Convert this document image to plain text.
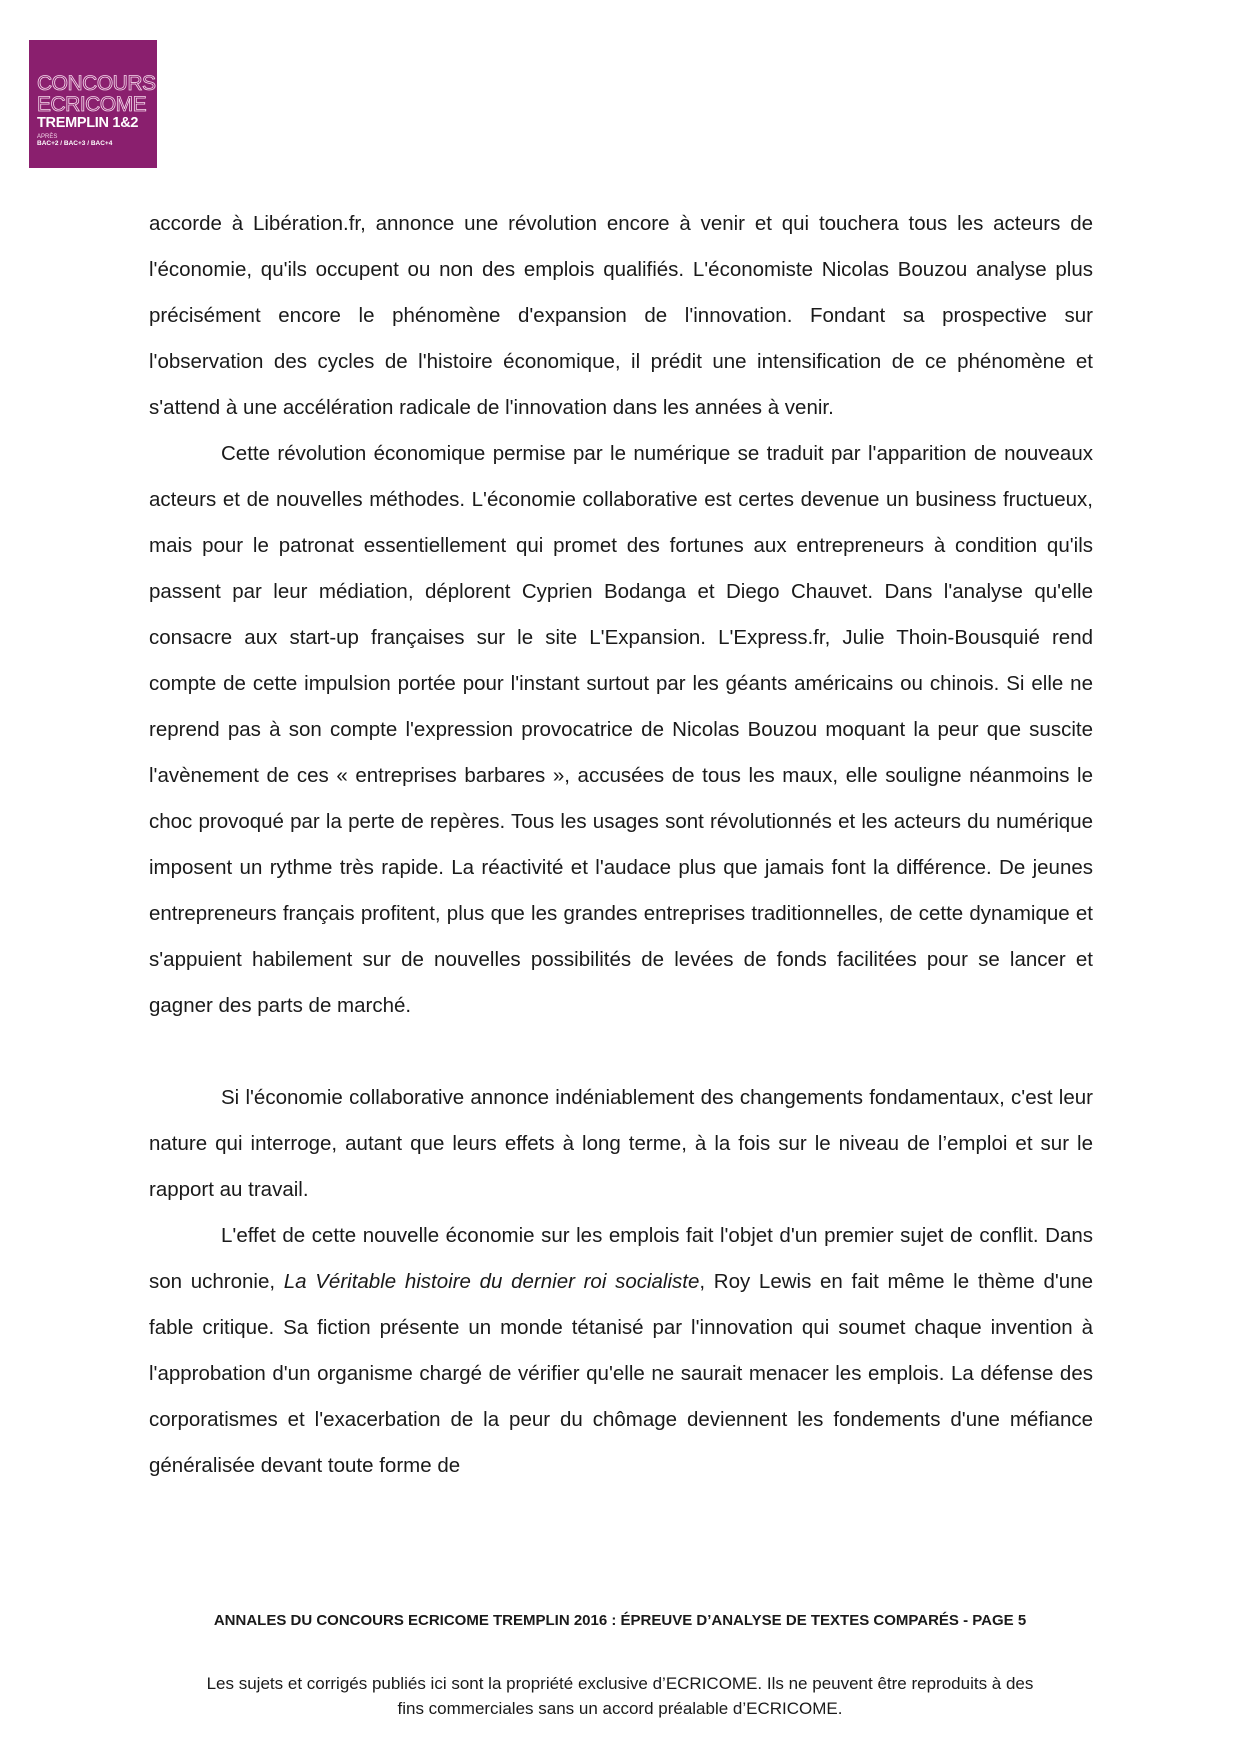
CONCOURS
ECRICOME
TREMPLIN 1&2
APRÈS
BAC+2 / BAC+3 / BAC+4

accorde à Libération.fr, annonce une révolution encore à venir et qui touchera tous les acteurs de l'économie, qu'ils occupent ou non des emplois qualifiés. L'économiste Nicolas Bouzou analyse plus précisément encore le phénomène d'expansion de l'innovation. Fondant sa prospective sur l'observation des cycles de l'histoire économique, il prédit une intensification de ce phénomène et s'attend à une accélération radicale de l'innovation dans les années à venir.

Cette révolution économique permise par le numérique se traduit par l'apparition de nouveaux acteurs et de nouvelles méthodes. L'économie collaborative est certes devenue un business fructueux, mais pour le patronat essentiellement qui promet des fortunes aux entrepreneurs à condition qu'ils passent par leur médiation, déplorent Cyprien Bodanga et Diego Chauvet. Dans l'analyse qu'elle consacre aux start-up françaises sur le site L'Expansion. L'Express.fr, Julie Thoin-Bousquié rend compte de cette impulsion portée pour l'instant surtout par les géants américains ou chinois. Si elle ne reprend pas à son compte l'expression provocatrice de Nicolas Bouzou moquant la peur que suscite l'avènement de ces « entreprises barbares », accusées de tous les maux, elle souligne néanmoins le choc provoqué par la perte de repères. Tous les usages sont révolutionnés et les acteurs du numérique imposent un rythme très rapide. La réactivité et l'audace plus que jamais font la différence. De jeunes entrepreneurs français profitent, plus que les grandes entreprises traditionnelles, de cette dynamique et s'appuient habilement sur de nouvelles possibilités de levées de fonds facilitées pour se lancer et gagner des parts de marché.

Si l'économie collaborative annonce indéniablement des changements fondamentaux, c'est leur nature qui interroge, autant que leurs effets à long terme, à la fois sur le niveau de l’emploi et sur le rapport au travail.

L'effet de cette nouvelle économie sur les emplois fait l'objet d'un premier sujet de conflit. Dans son uchronie, La Véritable histoire du dernier roi socialiste, Roy Lewis en fait même le thème d'une fable critique. Sa fiction présente un monde tétanisé par l'innovation qui soumet chaque invention à l'approbation d'un organisme chargé de vérifier qu'elle ne saurait menacer les emplois. La défense des corporatismes et l'exacerbation de la peur du chômage deviennent les fondements d'une méfiance généralisée devant toute forme de

ANNALES DU CONCOURS ECRICOME TREMPLIN 2016 : ÉPREUVE D’ANALYSE DE TEXTES COMPARÉS - PAGE 5
Les sujets et corrigés publiés ici sont la propriété exclusive d’ECRICOME. Ils ne peuvent être reproduits à des
fins commerciales sans un accord préalable d’ECRICOME.
